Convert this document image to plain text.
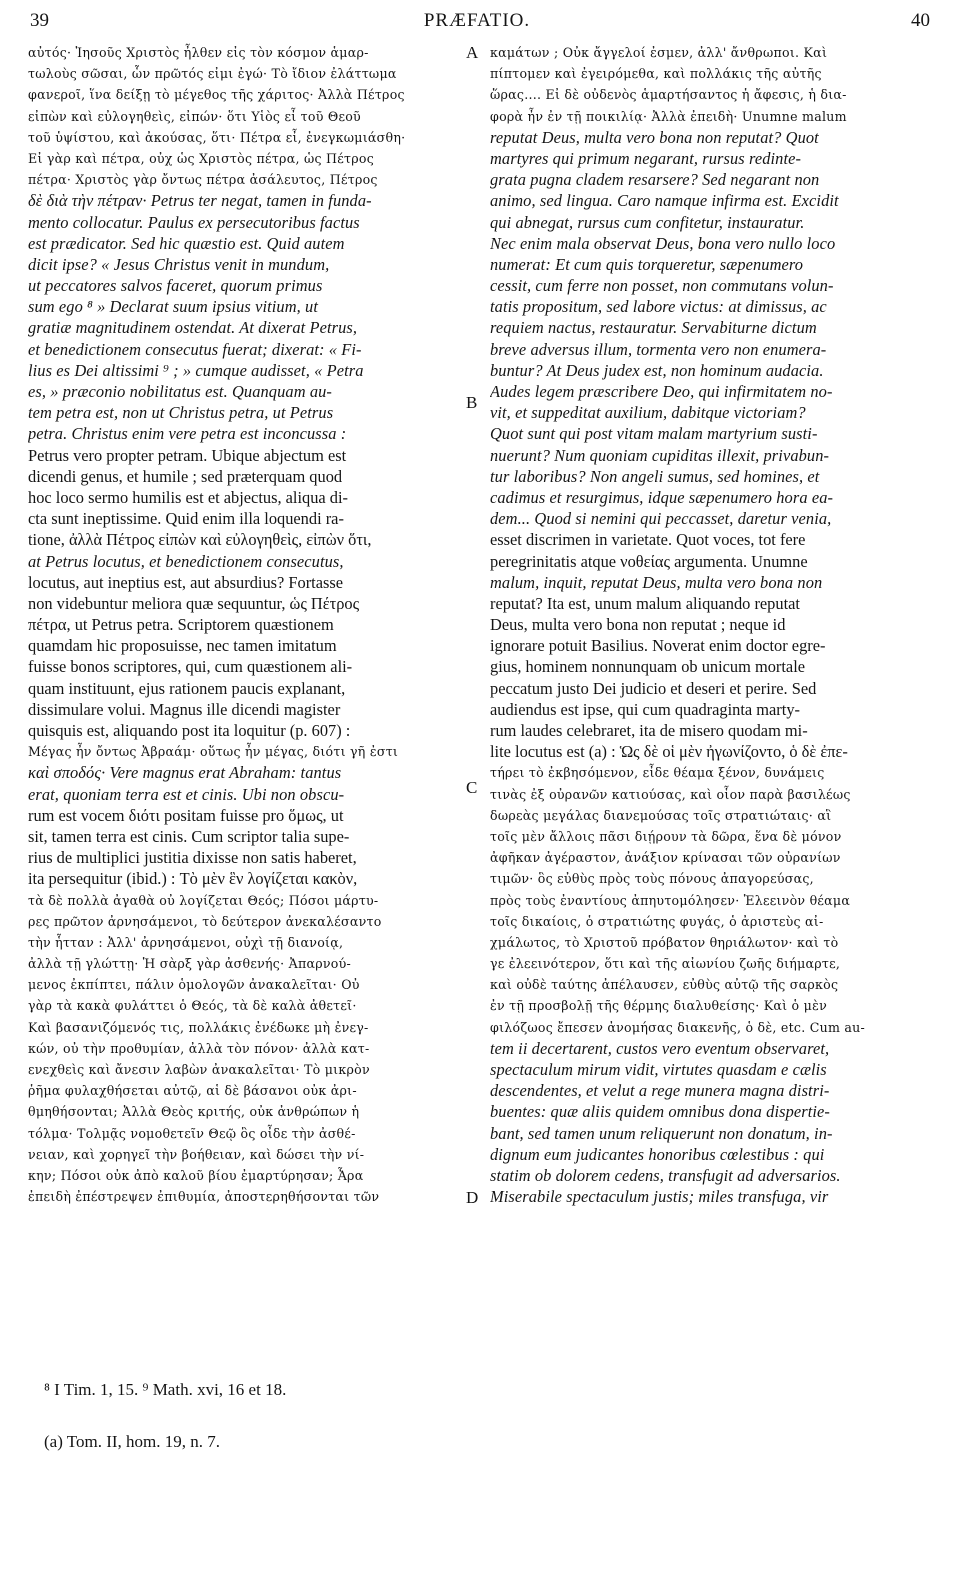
39	PRÆFATIO.	40
αὐτός· Ἰησοῦς Χριστὸς ἦλθεν εἰς τὸν κόσμον ἁμαρ-
τωλοὺς σῶσαι, ὧν πρῶτός εἰμι ἐγώ· Τὸ ἴδιον ἐλάττωμα
φανεροῖ, ἵνα δείξῃ τὸ μέγεθος τῆς χάριτος· Ἀλλὰ Πέτρος
εἰπὼν καὶ εὐλογηθεὶς, εἰπών· ὅτι Υἱὸς εἶ τοῦ Θεοῦ
τοῦ ὑψίστου, καὶ ἀκούσας, ὅτι· Πέτρα εἶ, ἐνεγκωμιάσθη·
Εἰ γὰρ καὶ πέτρα, οὐχ ὡς Χριστὸς πέτρα, ὡς Πέτρος
πέτρα· Χριστὸς γὰρ ὄντως πέτρα ἀσάλευτος, Πέτρος
δὲ διὰ τὴν πέτραν· Petrus ter negat, tamen in funda-
mento collocatur. Paulus ex persecutoribus factus
est prædicator. Sed hic quæstio est. Quid autem
dicit ipse? « Jesus Christus venit in mundum,
ut peccatores salvos faceret, quorum primus
sum ego ⁸ » Declarat suum ipsius vitium, ut
gratiæ magnitudinem ostendat. At dixerat Petrus,
et benedictionem consecutus fuerat; dixerat: « Fi-
lius es Dei altissimi ⁹ ; » cumque audisset, « Petra
es, » præconio nobilitatus est. Quanquam au-
tem petra est, non ut Christus petra, ut Petrus
petra. Christus enim vere petra est inconcussa :
Petrus vero propter petram. Ubique abjectum est
dicendi genus, et humile ; sed præterquam quod
hoc loco sermo humilis est et abjectus, aliqua di-
cta sunt ineptissime. Quid enim illa loquendi ra-
tione, ἀλλὰ Πέτρος εἰπὼν καὶ εὐλογηθεὶς, εἰπὼν ὅτι,
at Petrus locutus, et benedictionem consecutus,
locutus, aut ineptius est, aut absurdius? Fortasse
non videbuntur meliora quæ sequuntur, ὡς Πέτρος
πέτρα, ut Petrus petra. Scriptorem quæstionem
quamdam hic proposuisse, nec tamen imitatum
fuisse bonos scriptores, qui, cum quæstionem ali-
quam instituunt, ejus rationem paucis explanant,
dissimulare volui. Magnus ille dicendi magister
quisquis est, aliquando post ita loquitur (p. 607) :
Μέγας ἦν ὄντως Ἀβραάμ· οὕτως ἦν μέγας, διότι γῆ ἐστι
καὶ σποδός· Vere magnus erat Abraham: tantus
erat, quoniam terra est et cinis. Ubi non obscu-
rum est vocem διότι positam fuisse pro ὅμως, ut
sit, tamen terra est cinis. Cum scriptor talia supe-
rius de multiplici justitia dixisse non satis haberet,
ita persequitur (ibid.) : Τὸ μὲν ἓν λογίζεται κακὸν,
τὰ δὲ πολλὰ ἀγαθὰ οὐ λογίζεται Θεός; Πόσοι μάρτυ-
ρες πρῶτον ἀρνησάμενοι, τὸ δεύτερον ἀνεκαλέσαντο
τὴν ἧτταν : Ἀλλ' ἀρνησάμενοι, οὐχὶ τῇ διανοίᾳ,
ἀλλὰ τῇ γλώττῃ· Ἡ σὰρξ γὰρ ἀσθενής· Ἀπαρνού-
μενος ἐκπίπτει, πάλιν ὁμολογῶν ἀνακαλεῖται· Οὐ
γὰρ τὰ κακὰ φυλάττει ὁ Θεός, τὰ δὲ καλὰ ἀθετεῖ·
Καὶ βασανιζόμενός τις, πολλάκις ἐνέδωκε μὴ ἐνεγ-
κών, οὐ τὴν προθυμίαν, ἀλλὰ τὸν πόνον· ἀλλὰ κατ-
ενεχθεὶς καὶ ἄνεσιν λαβὼν ἀνακαλεῖται· Τὸ μικρὸν
ῥῆμα φυλαχθήσεται αὐτῷ, αἱ δὲ βάσανοι οὐκ ἀρι-
θμηθήσονται; Ἀλλὰ Θεὸς κριτής, οὐκ ἀνθρώπων ἡ
τόλμα· Τολμᾷς νομοθετεῖν Θεῷ ὃς οἶδε τὴν ἀσθέ-
νειαν, καὶ χορηγεῖ τὴν βοήθειαν, καὶ δώσει τὴν νί-
κην; Πόσοι οὐκ ἀπὸ καλοῦ βίου ἐμαρτύρησαν; Ἆρα
ἐπειδὴ ἐπέστρεψεν ἐπιθυμία, ἀποστερηθήσονται τῶν
καμάτων ; Οὐκ ἄγγελοί ἐσμεν, ἀλλ' ἄνθρωποι. Καὶ
πίπτομεν καὶ ἐγειρόμεθα, καὶ πολλάκις τῆς αὐτῆς
ὥρας.... Εἰ δὲ οὐδενὸς ἁμαρτήσαντος ἡ ἄφεσις, ἡ δια-
φορὰ ἦν ἐν τῇ ποικιλίᾳ· Ἀλλὰ ἐπειδὴ· Unumne malum
reputat Deus, multa vero bona non reputat? Quot
martyres qui primum negarant, rursus redinte-
grata pugna cladem resarsere? Sed negarant non
animo, sed lingua. Caro namque infirma est. Excidit
qui abnegat, rursus cum confitetur, instauratur.
Nec enim mala observat Deus, bona vero nullo loco
numerat: Et cum quis torqueretur, sæpenumero
cessit, cum ferre non posset, non commutans volun-
tatis propositum, sed labore victus: at dimissus, ac
requiem nactus, restauratur. Servabiturne dictum
breve adversus illum, tormenta vero non enumera-
buntur? At Deus judex est, non hominum audacia.
Audes legem præscribere Deo, qui infirmitatem no-
vit, et suppeditat auxilium, dabitque victoriam?
Quot sunt qui post vitam malam martyrium susti-
nuerunt? Num quoniam cupiditas illexit, privabun-
tur laboribus? Non angeli sumus, sed homines, et
cadimus et resurgimus, idque sæpenumero hora ea-
dem... Quod si nemini qui peccasset, daretur venia,
esset discrimen in varietate. Quot voces, tot fere
peregrinitatis atque νοθείας argumenta. Unumne
malum, inquit, reputat Deus, multa vero bona non
reputat? Ita est, unum malum aliquando reputat
Deus, multa vero bona non reputat ; neque id
ignorare potuit Basilius. Noverat enim doctor egre-
gius, hominem nonnunquam ob unicum mortale
peccatum justo Dei judicio et deseri et perire. Sed
audiendus est ipse, qui cum quadraginta marty-
rum laudes celebraret, ita de misero quodam mi-
lite locutus est (a) : Ὡς δὲ οἱ μὲν ἠγωνίζοντο, ὁ δὲ ἐπε-
τήρει τὸ ἐκβησόμενον, εἶδε θέαμα ξένον, δυνάμεις
τινὰς ἐξ οὐρανῶν κατιούσας, καὶ οἷον παρὰ βασιλέως
δωρεὰς μεγάλας διανεμούσας τοῖς στρατιώταις· αἳ
τοῖς μὲν ἄλλοις πᾶσι διῄρουν τὰ δῶρα, ἕνα δὲ μόνον
ἀφῆκαν ἀγέραστον, ἀνάξιον κρίνασαι τῶν οὐρανίων
τιμῶν· ὃς εὐθὺς πρὸς τοὺς πόνους ἀπαγορεύσας,
πρὸς τοὺς ἐναντίους ἀπηυτομόλησεν· Ἐλεεινὸν θέαμα
τοῖς δικαίοις, ὁ στρατιώτης φυγάς, ὁ ἀριστεὺς αἰ-
χμάλωτος, τὸ Χριστοῦ πρόβατον θηριάλωτον· καὶ τὸ
γε ἐλεεινότερον, ὅτι καὶ τῆς αἰωνίου ζωῆς διήμαρτε,
καὶ οὐδὲ ταύτης ἀπέλαυσεν, εὐθὺς αὐτῷ τῆς σαρκὸς
ἐν τῇ προσβολῇ τῆς θέρμης διαλυθείσης· Καὶ ὁ μὲν
φιλόζωος ἔπεσεν ἀνομήσας διακενῆς, ὁ δὲ, etc. Cum au-
tem ii decertarent, custos vero eventum observaret,
spectaculum mirum vidit, virtutes quasdam e cælis
descendentes, et velut a rege munera magna distri-
buentes: quæ aliis quidem omnibus dona dispertie-
bant, sed tamen unum reliquerunt non donatum, in-
dignum eum judicantes honoribus cœlestibus : qui
statim ob dolorem cedens, transfugit ad adversarios.
Miserabile spectaculum justis; miles transfuga, vir
A
B
C
D
⁸ I Tim. 1, 15. ⁹ Math. xvi, 16 et 18.
(a) Tom. II, hom. 19, n. 7.
